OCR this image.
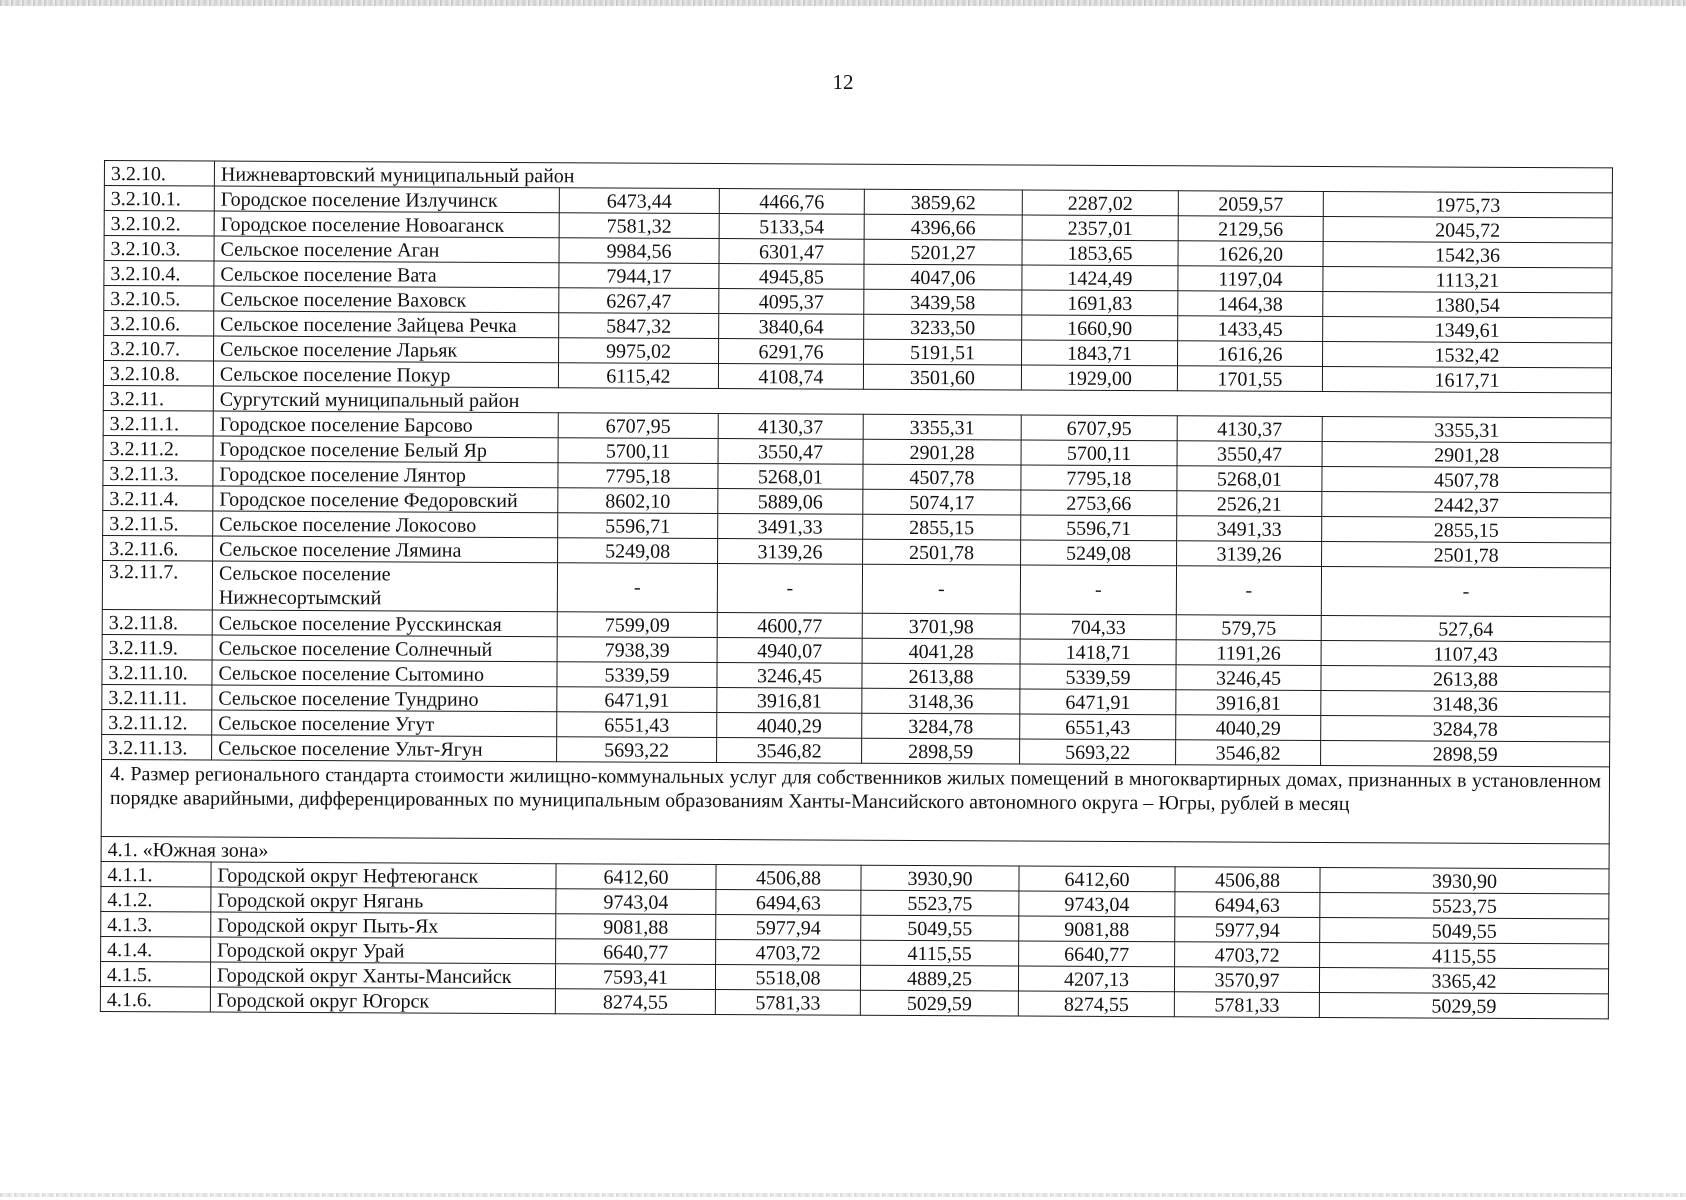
12
3.2.10.	Нижневартовский муниципальный район						
3.2.10.1.	Городское поселение Излучинск	6473,44	4466,76	3859,62	2287,02	2059,57	1975,73
3.2.10.2.	Городское поселение Новоаганск	7581,32	5133,54	4396,66	2357,01	2129,56	2045,72
3.2.10.3.	Сельское поселение Аган	9984,56	6301,47	5201,27	1853,65	1626,20	1542,36
3.2.10.4.	Сельское поселение Вата	7944,17	4945,85	4047,06	1424,49	1197,04	1113,21
3.2.10.5.	Сельское поселение Ваховск	6267,47	4095,37	3439,58	1691,83	1464,38	1380,54
3.2.10.6.	Сельское поселение Зайцева Речка	5847,32	3840,64	3233,50	1660,90	1433,45	1349,61
3.2.10.7.	Сельское поселение Ларьяк	9975,02	6291,76	5191,51	1843,71	1616,26	1532,42
3.2.10.8.	Сельское поселение Покур	6115,42	4108,74	3501,60	1929,00	1701,55	1617,71
3.2.11.	Сургутский муниципальный район						
3.2.11.1.	Городское поселение Барсово	6707,95	4130,37	3355,31	6707,95	4130,37	3355,31
3.2.11.2.	Городское поселение Белый Яр	5700,11	3550,47	2901,28	5700,11	3550,47	2901,28
3.2.11.3.	Городское поселение Лянтор	7795,18	5268,01	4507,78	7795,18	5268,01	4507,78
3.2.11.4.	Городское поселение Федоровский	8602,10	5889,06	5074,17	2753,66	2526,21	2442,37
3.2.11.5.	Сельское поселение Локосово	5596,71	3491,33	2855,15	5596,71	3491,33	2855,15
3.2.11.6.	Сельское поселение Лямина	5249,08	3139,26	2501,78	5249,08	3139,26	2501,78
3.2.11.7.	Сельское поселение Нижнесортымский	-	-	-	-	-	-
3.2.11.8.	Сельское поселение Русскинская	7599,09	4600,77	3701,98	704,33	579,75	527,64
3.2.11.9.	Сельское поселение Солнечный	7938,39	4940,07	4041,28	1418,71	1191,26	1107,43
3.2.11.10.	Сельское поселение Сытомино	5339,59	3246,45	2613,88	5339,59	3246,45	2613,88
3.2.11.11.	Сельское поселение Тундрино	6471,91	3916,81	3148,36	6471,91	3916,81	3148,36
3.2.11.12.	Сельское поселение Угут	6551,43	4040,29	3284,78	6551,43	4040,29	3284,78
3.2.11.13.	Сельское поселение Ульт-Ягун	5693,22	3546,82	2898,59	5693,22	3546,82	2898,59
4. Размер регионального стандарта стоимости жилищно-коммунальных услуг для собственников жилых помещений в многоквартирных домах, признанных в установленном порядке аварийными, дифференцированных по муниципальным образованиям Ханты-Мансийского автономного округа – Югры, рублей в месяц							
4.1. «Южная зона»							
4.1.1.	Городской округ Нефтеюганск	6412,60	4506,88	3930,90	6412,60	4506,88	3930,90
4.1.2.	Городской округ Нягань	9743,04	6494,63	5523,75	9743,04	6494,63	5523,75
4.1.3.	Городской округ Пыть-Ях	9081,88	5977,94	5049,55	9081,88	5977,94	5049,55
4.1.4.	Городской округ Урай	6640,77	4703,72	4115,55	6640,77	4703,72	4115,55
4.1.5.	Городской округ Ханты-Мансийск	7593,41	5518,08	4889,25	4207,13	3570,97	3365,42
4.1.6.	Городской округ Югорск	8274,55	5781,33	5029,59	8274,55	5781,33	5029,59
